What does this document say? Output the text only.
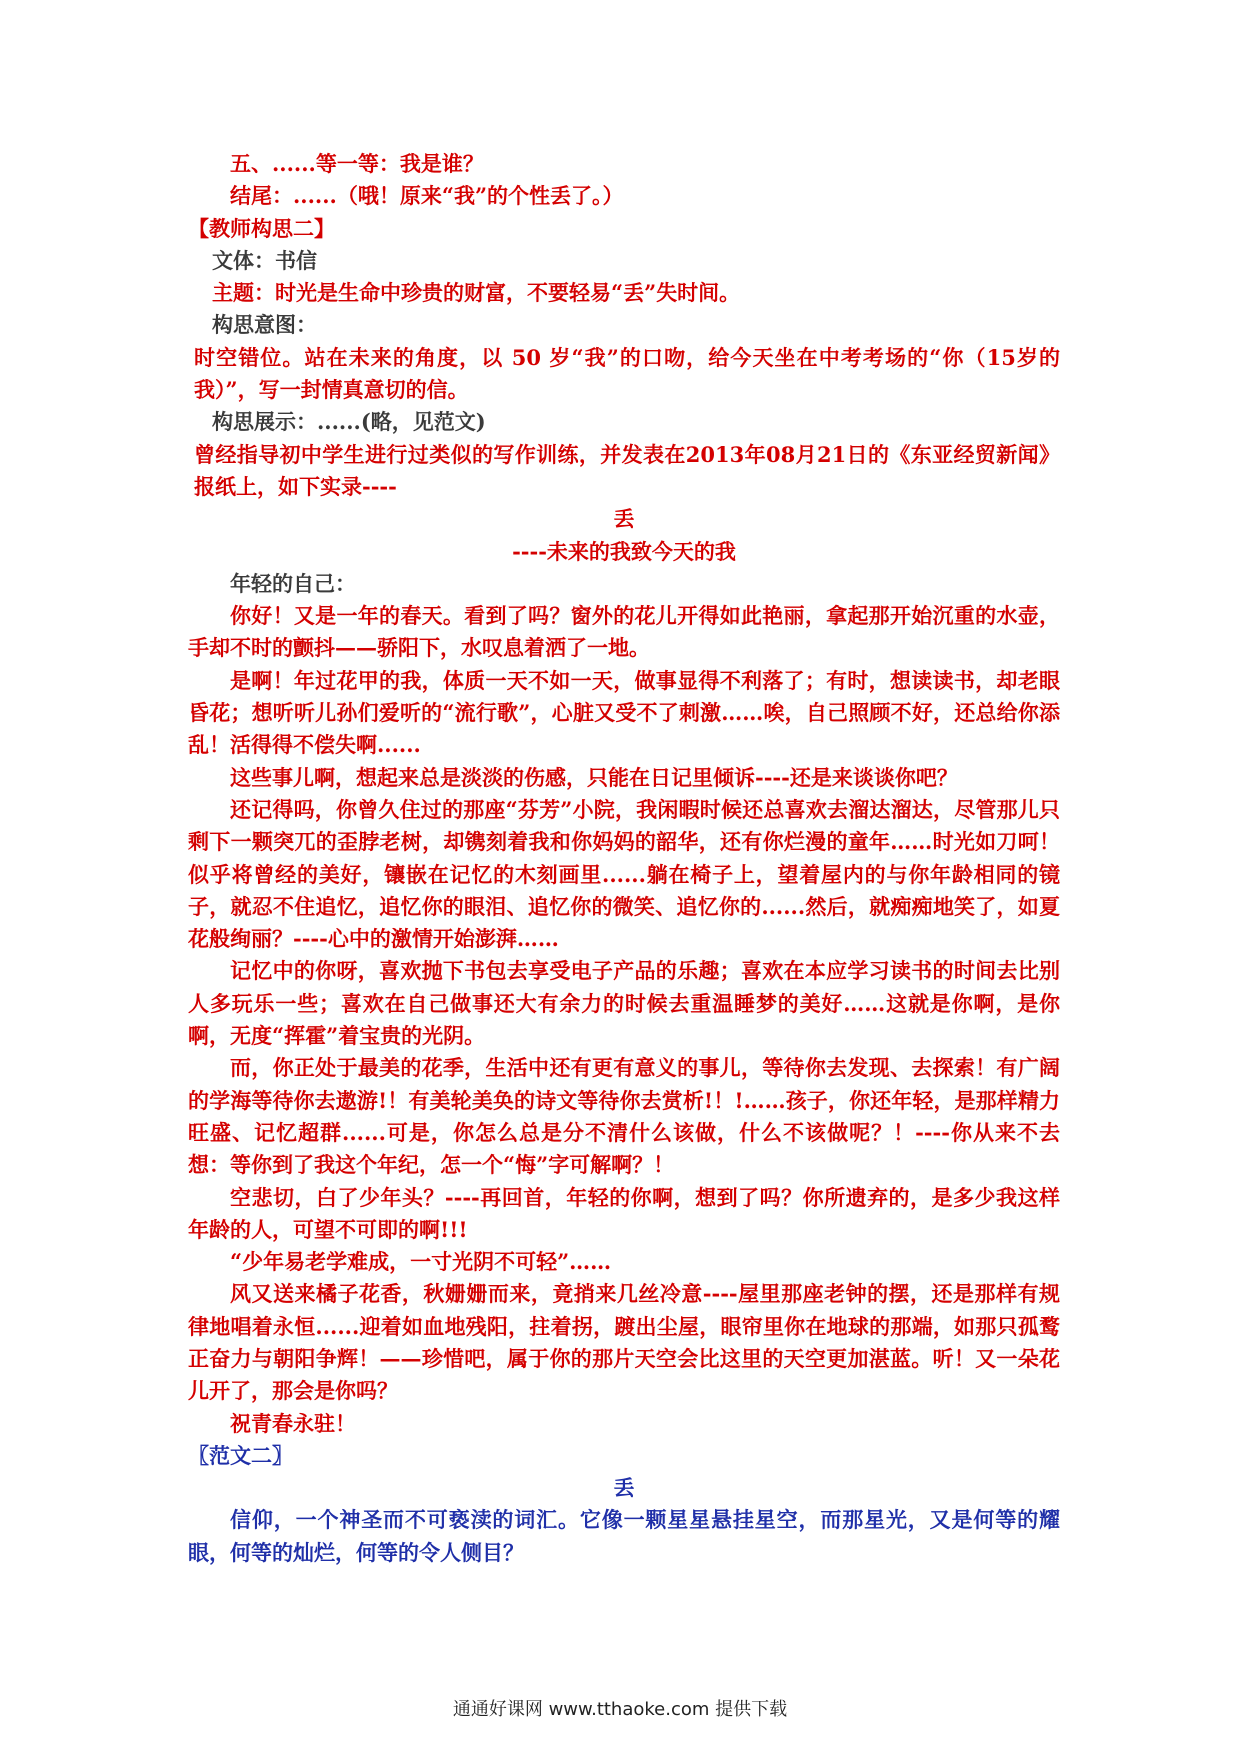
五、......等一等：我是谁？
结尾：......（哦！原来“我”的个性丢了。）
【教师构思二】
文体：书信
主题：时光是生命中珍贵的财富，不要轻易“丢”失时间。
构思意图：
时空错位。站在未来的角度，以 50 岁“我”的口吻，给今天坐在中考考场的“你（15岁的我）”，写一封情真意切的信。
构思展示：......(略，见范文)
曾经指导初中学生进行过类似的写作训练，并发表在2013年08月21日的《东亚经贸新闻》报纸上，如下实录----
丢
----未来的我致今天的我
年轻的自己：
你好！又是一年的春天。看到了吗？窗外的花儿开得如此艳丽，拿起那开始沉重的水壶，手却不时的颤抖——骄阳下，水叹息着洒了一地。
是啊！年过花甲的我，体质一天不如一天，做事显得不利落了；有时，想读读书，却老眼昏花；想听听儿孙们爱听的“流行歌”，心脏又受不了刺激……唉，自己照顾不好，还总给你添乱！活得得不偿失啊......
这些事儿啊，想起来总是淡淡的伤感，只能在日记里倾诉----还是来谈谈你吧？
还记得吗，你曾久住过的那座“芬芳”小院，我闲暇时候还总喜欢去溜达溜达，尽管那儿只剩下一颗突兀的歪脖老树，却镌刻着我和你妈妈的韶华，还有你烂漫的童年……时光如刀呵！似乎将曾经的美好，镶嵌在记忆的木刻画里......躺在椅子上，望着屋内的与你年龄相同的镜子，就忍不住追忆，追忆你的眼泪、追忆你的微笑、追忆你的......然后，就痴痴地笑了，如夏花般绚丽？----心中的激情开始澎湃……
记忆中的你呀，喜欢抛下书包去享受电子产品的乐趣；喜欢在本应学习读书的时间去比别人多玩乐一些；喜欢在自己做事还大有余力的时候去重温睡梦的美好……这就是你啊，是你啊，无度“挥霍”着宝贵的光阴。
而，你正处于最美的花季，生活中还有更有意义的事儿，等待你去发现、去探索！有广阔的学海等待你去遨游!！有美轮美奂的诗文等待你去赏析!！!……孩子，你还年轻，是那样精力旺盛、记忆超群......可是，你怎么总是分不清什么该做，什么不该做呢？！----你从来不去想：等你到了我这个年纪，怎一个“悔”字可解啊？！
空悲切，白了少年头？----再回首，年轻的你啊，想到了吗？你所遗弃的，是多少我这样年龄的人，可望不可即的啊!!!
“少年易老学难成，一寸光阴不可轻”……
风又送来橘子花香，秋姗姗而来，竟捎来几丝冷意----屋里那座老钟的摆，还是那样有规律地唱着永恒......迎着如血地残阳，拄着拐，踱出尘屋，眼帘里你在地球的那端，如那只孤鹜正奋力与朝阳争辉！——珍惜吧，属于你的那片天空会比这里的天空更加湛蓝。听！又一朵花儿开了，那会是你吗？
祝青春永驻！
〖范文二〗
丢
信仰，一个神圣而不可亵渎的词汇。它像一颗星星悬挂星空，而那星光，又是何等的耀眼，何等的灿烂，何等的令人侧目？
通通好课网 www.tthaoke.com 提供下载
